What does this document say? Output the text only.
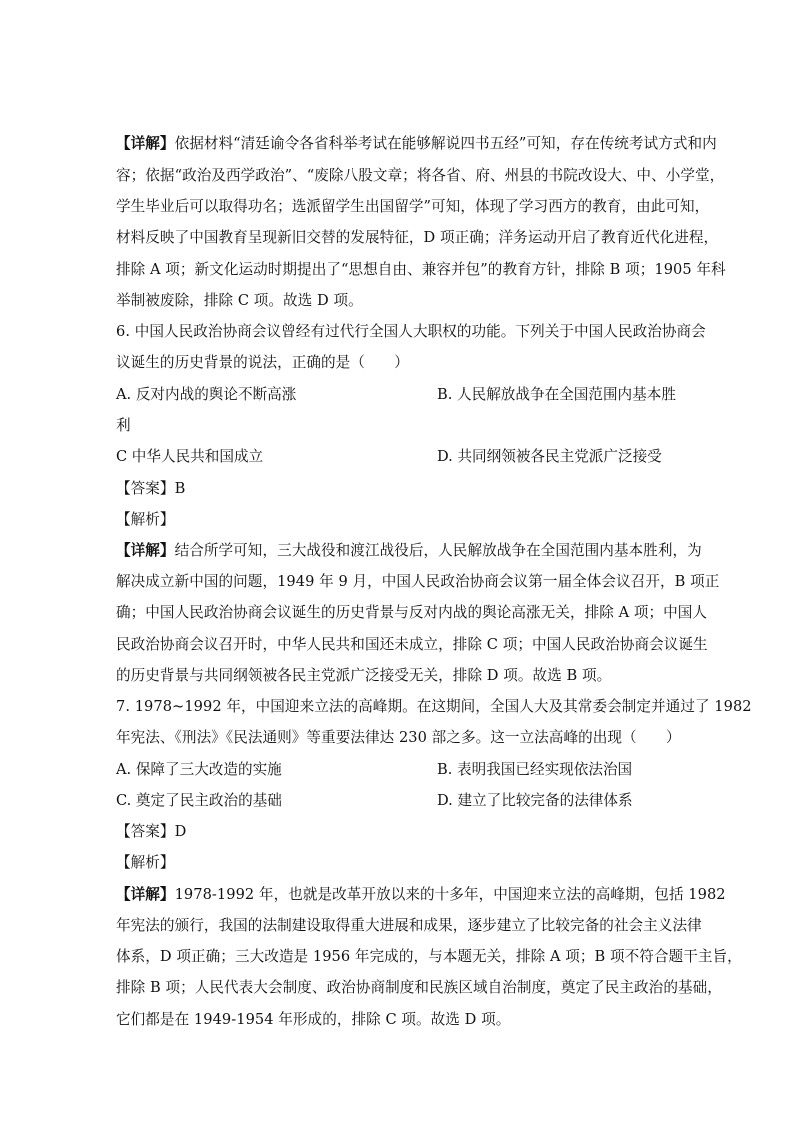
【详解】依据材料“清廷谕令各省科举考试在能够解说四书五经”可知，存在传统考试方式和内
容；依据“政治及西学政治”、“废除八股文章；将各省、府、州县的书院改设大、中、小学堂，
学生毕业后可以取得功名；选派留学生出国留学”可知，体现了学习西方的教育，由此可知，
材料反映了中国教育呈现新旧交替的发展特征，D 项正确；洋务运动开启了教育近代化进程，
排除 A 项；新文化运动时期提出了“思想自由、兼容并包”的教育方针，排除 B 项；1905 年科
举制被废除，排除 C 项。故选 D 项。
6. 中国人民政治协商会议曾经有过代行全国人大职权的功能。下列关于中国人民政治协商会
议诞生的历史背景的说法，正确的是（　　）
A. 反对内战的舆论不断高涨	B. 人民解放战争在全国范围内基本胜
利
C 中华人民共和国成立	D. 共同纲领被各民主党派广泛接受
【答案】B
【解析】
【详解】结合所学可知，三大战役和渡江战役后，人民解放战争在全国范围内基本胜利，为
解决成立新中国的问题，1949 年 9 月，中国人民政治协商会议第一届全体会议召开，B 项正
确；中国人民政治协商会议诞生的历史背景与反对内战的舆论高涨无关，排除 A 项；中国人
民政治协商会议召开时，中华人民共和国还未成立，排除 C 项；中国人民政治协商会议诞生
的历史背景与共同纲领被各民主党派广泛接受无关，排除 D 项。故选 B 项。
7. 1978~1992 年，中国迎来立法的高峰期。在这期间，全国人大及其常委会制定并通过了 1982
年宪法、《刑法》《民法通则》等重要法律达 230 部之多。这一立法高峰的出现（　　）
A. 保障了三大改造的实施	B. 表明我国已经实现依法治国
C. 奠定了民主政治的基础	D. 建立了比较完备的法律体系
【答案】D
【解析】
【详解】1978-1992 年，也就是改革开放以来的十多年，中国迎来立法的高峰期，包括 1982
年宪法的颁行，我国的法制建设取得重大进展和成果，逐步建立了比较完备的社会主义法律
体系，D 项正确；三大改造是 1956 年完成的，与本题无关，排除 A 项；B 项不符合题干主旨，
排除 B 项；人民代表大会制度、政治协商制度和民族区域自治制度，奠定了民主政治的基础，
它们都是在 1949-1954 年形成的，排除 C 项。故选 D 项。
